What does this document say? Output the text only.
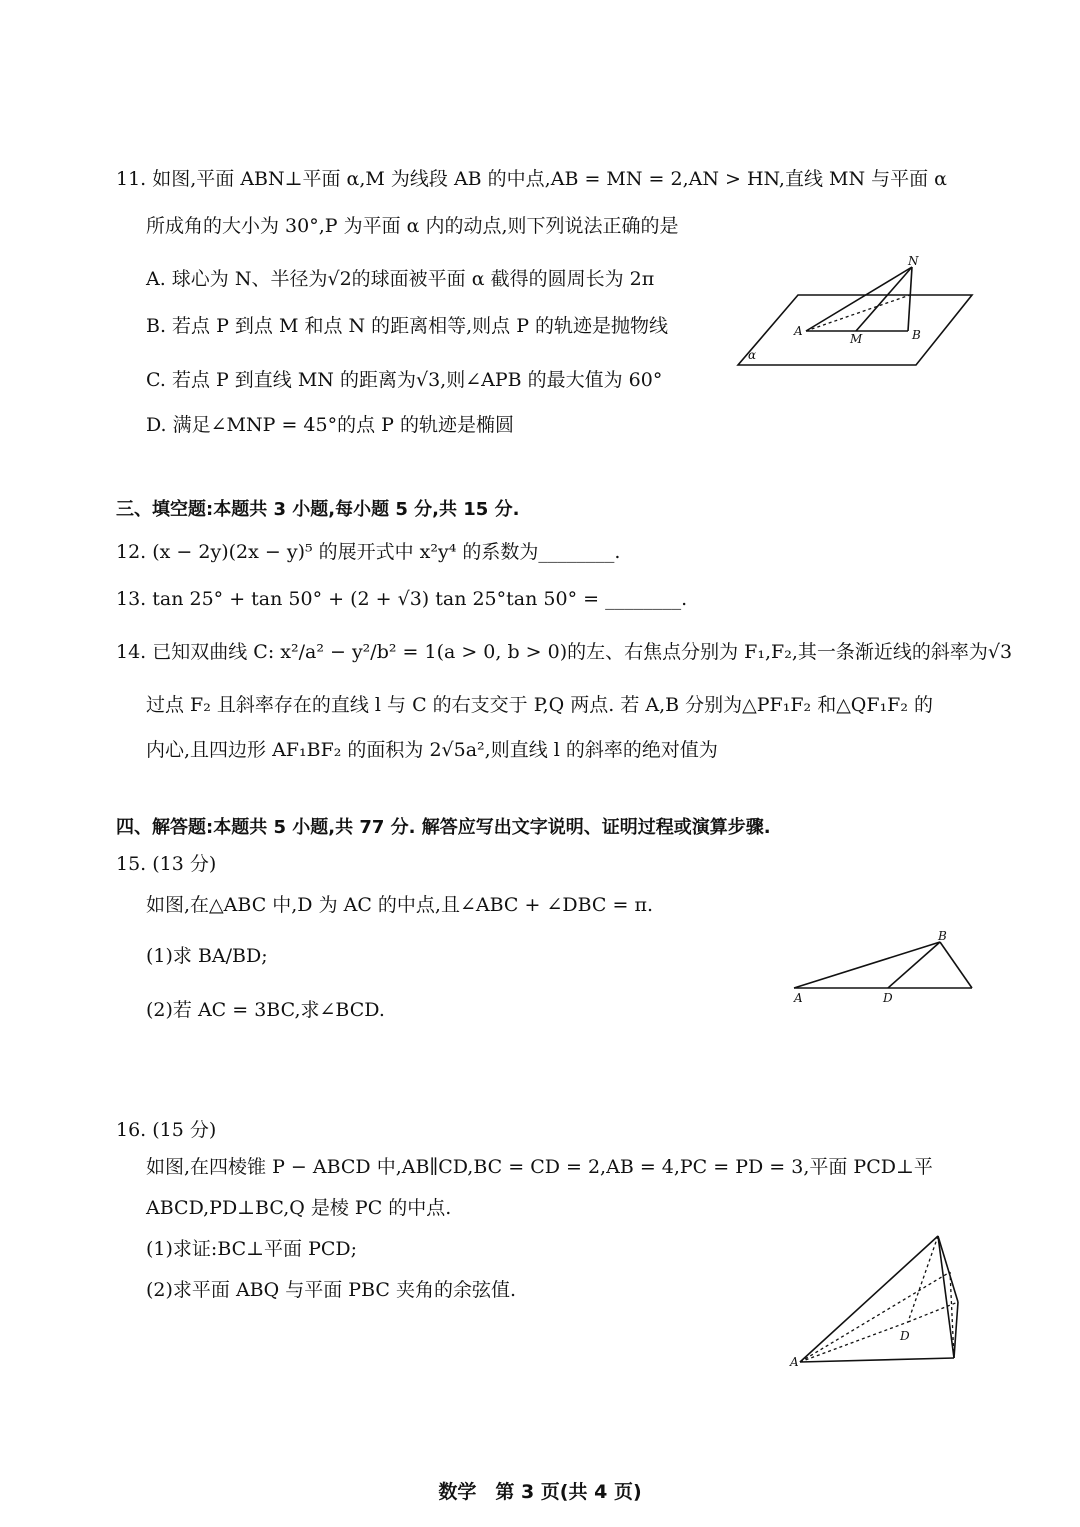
11. 如图,平面 ABN⊥平面 α,M 为线段 AB 的中点,AB = MN = 2,AN > HN,直线 MN 与平面 α
所成角的大小为 30°,P 为平面 α 内的动点,则下列说法正确的是
A. 球心为 N、半径为√2的球面被平面 α 截得的圆周长为 2π
B. 若点 P 到点 M 和点 N 的距离相等,则点 P 的轨迹是抛物线
C. 若点 P 到直线 MN 的距离为√3,则∠APB 的最大值为 60°
D. 满足∠MNP = 45°的点 P 的轨迹是椭圆
N
A
M	B
α
三、填空题:本题共 3 小题,每小题 5 分,共 15 分.
12. (x − 2y)(2x − y)⁵ 的展开式中 x²y⁴ 的系数为________.
13. tan 25° + tan 50° + (2 + √3) tan 25°tan 50° = ________.
14. 已知双曲线 C: x²/a² − y²/b² = 1(a > 0, b > 0)的左、右焦点分别为 F₁,F₂,其一条渐近线的斜率为√3
过点 F₂ 且斜率存在的直线 l 与 C 的右支交于 P,Q 两点. 若 A,B 分别为△PF₁F₂ 和△QF₁F₂ 的
内心,且四边形 AF₁BF₂ 的面积为 2√5a²,则直线 l 的斜率的绝对值为
四、解答题:本题共 5 小题,共 77 分. 解答应写出文字说明、证明过程或演算步骤.
15. (13 分)
如图,在△ABC 中,D 为 AC 的中点,且∠ABC + ∠DBC = π.
(1)求 BA/BD;
(2)若 AC = 3BC,求∠BCD.
A
B
D
16. (15 分)
如图,在四棱锥 P − ABCD 中,AB∥CD,BC = CD = 2,AB = 4,PC = PD = 3,平面 PCD⊥平
ABCD,PD⊥BC,Q 是棱 PC 的中点.
(1)求证:BC⊥平面 PCD;
(2)求平面 ABQ 与平面 PBC 夹角的余弦值.
A
D
数学　第 3 页(共 4 页)
